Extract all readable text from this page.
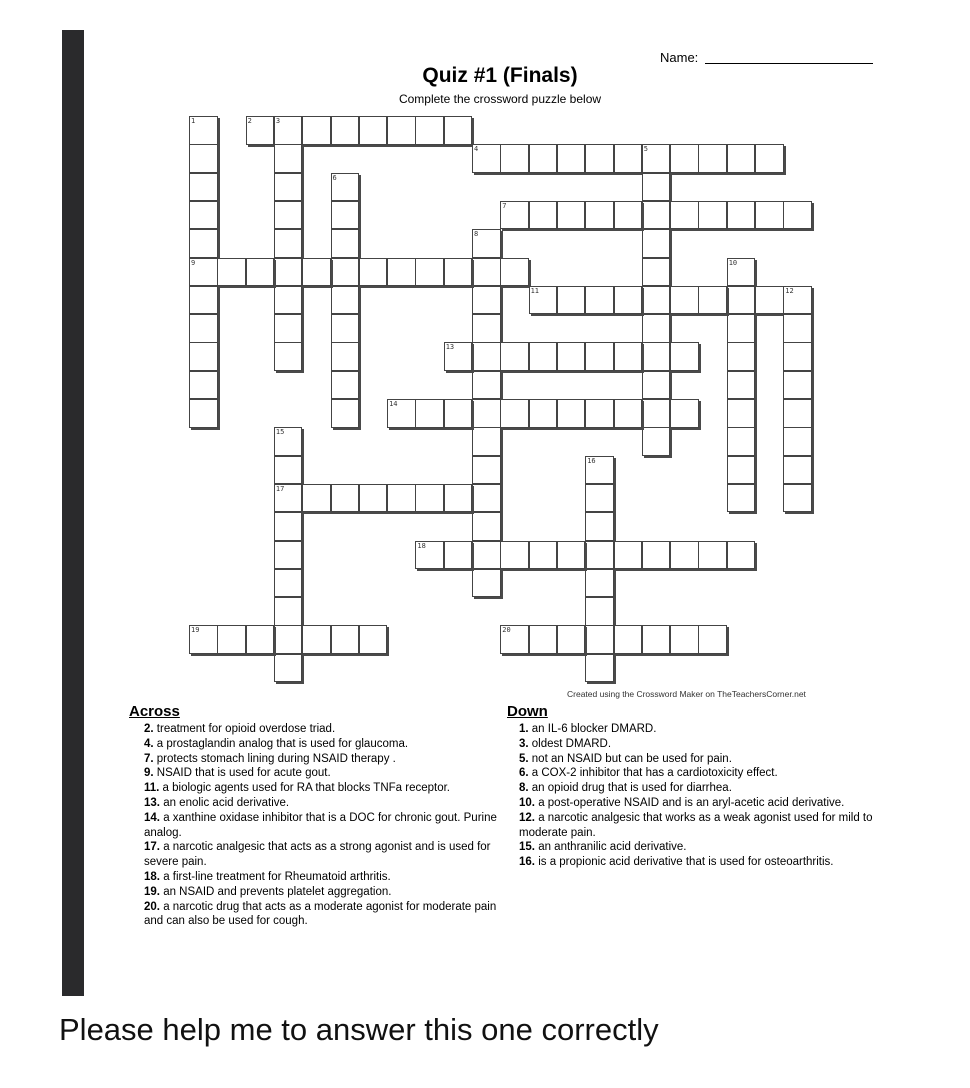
Name:
Quiz #1 (Finals)
Complete the crossword puzzle below
1
9
2	3
4	5
6
7
8
10
11	12
13
14
15
17
16
18
19	20
Created using the Crossword Maker on TheTeachersCorner.net
Across	Down

2. treatment for opioid overdose triad.

4. a prostaglandin analog that is used for glaucoma.

7. protects stomach lining during NSAID therapy .

9. NSAID that is used for acute gout.

11. a biologic agents used for RA that blocks TNFa receptor.

13. an enolic acid derivative.

14. a xanthine oxidase inhibitor that is a DOC for chronic gout. Purine analog.

17. a narcotic analgesic that acts as a strong agonist and is used for severe pain.

18. a first-line treatment for Rheumatoid arthritis.

19. an NSAID and prevents platelet aggregation.

20. a narcotic drug that acts as a moderate agonist for moderate pain and can also be used for cough.

1. an IL-6 blocker DMARD.

3. oldest DMARD.

5. not an NSAID but can be used for pain.

6. a COX-2 inhibitor that has a cardiotoxicity effect.

8. an opioid drug that is used for diarrhea.

10. a post-operative NSAID and is an aryl-acetic acid derivative.

12. a narcotic analgesic that works as a weak agonist used for mild to moderate pain.

15. an anthranilic acid derivative.

16. is a propionic acid derivative that is used for osteoarthritis.

Please help me to answer this one correctly
